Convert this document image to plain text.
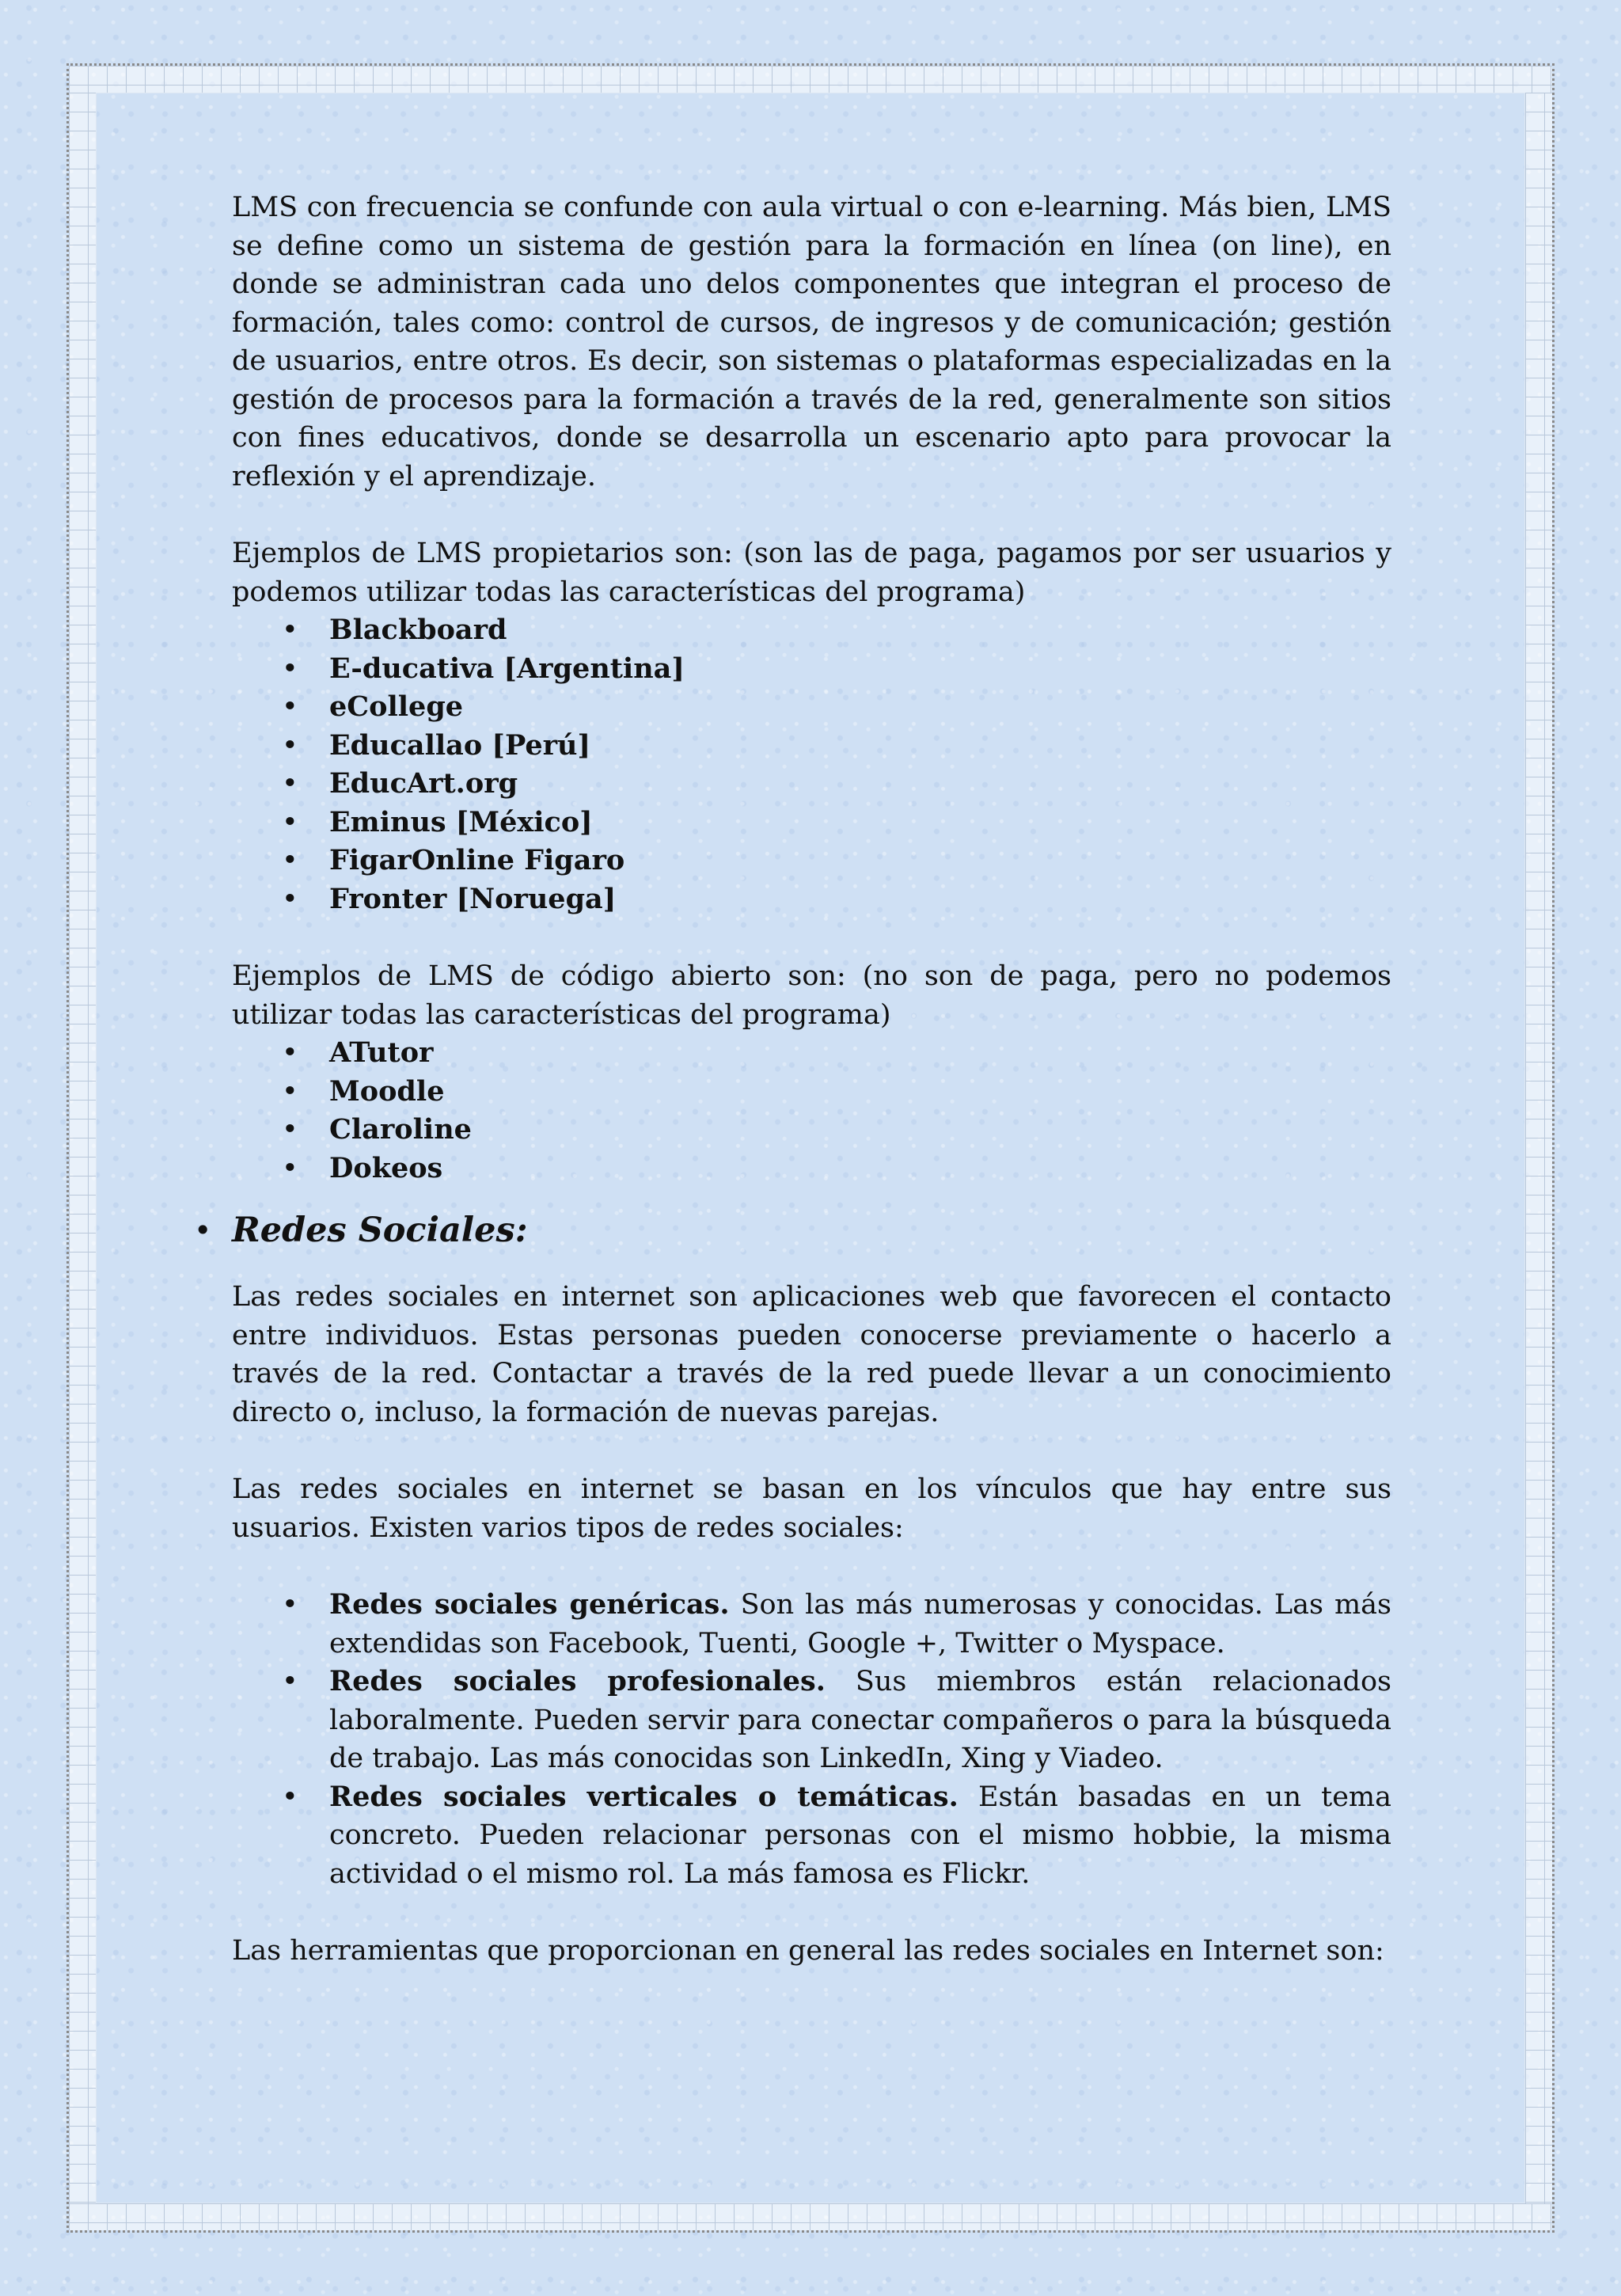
LMS con frecuencia se confunde con aula virtual o con e-learning. Más bien, LMS se define como un sistema de gestión para la formación en línea (on line), en donde se administran cada uno delos componentes que integran el proceso de formación, tales como: control de cursos, de ingresos y de comunicación; gestión de usuarios, entre otros. Es decir, son sistemas o plataformas especializadas en la gestión de procesos para la formación a través de la red, generalmente son sitios con fines educativos, donde se desarrolla un escenario apto para provocar la reflexión y el aprendizaje.

Ejemplos de LMS propietarios son: (son las de paga, pagamos por ser usuarios y podemos utilizar todas las características del programa)

• Blackboard
• E-ducativa [Argentina]
• eCollege
• Educallao [Perú]
• EducArt.org
• Eminus [México]
• FigarOnline Figaro
• Fronter [Noruega]

Ejemplos de LMS de código abierto son: (no son de paga, pero no podemos utilizar todas las características del programa)

• ATutor
• Moodle
• Claroline
• Dokeos
• Redes Sociales:

Las redes sociales en internet son aplicaciones web que favorecen el contacto entre individuos. Estas personas pueden conocerse previamente o hacerlo a través de la red. Contactar a través de la red puede llevar a un conocimiento directo o, incluso, la formación de nuevas parejas.

Las redes sociales en internet se basan en los vínculos que hay entre sus usuarios. Existen varios tipos de redes sociales:

• Redes sociales genéricas. Son las más numerosas y conocidas. Las más extendidas son Facebook, Tuenti, Google +, Twitter o Myspace.
• Redes sociales profesionales. Sus miembros están relacionados laboralmente. Pueden servir para conectar compañeros o para la búsqueda de trabajo. Las más conocidas son LinkedIn, Xing y Viadeo.
• Redes sociales verticales o temáticas. Están basadas en un tema concreto. Pueden relacionar personas con el mismo hobbie, la misma actividad o el mismo rol. La más famosa es Flickr.

Las herramientas que proporcionan en general las redes sociales en Internet son:
